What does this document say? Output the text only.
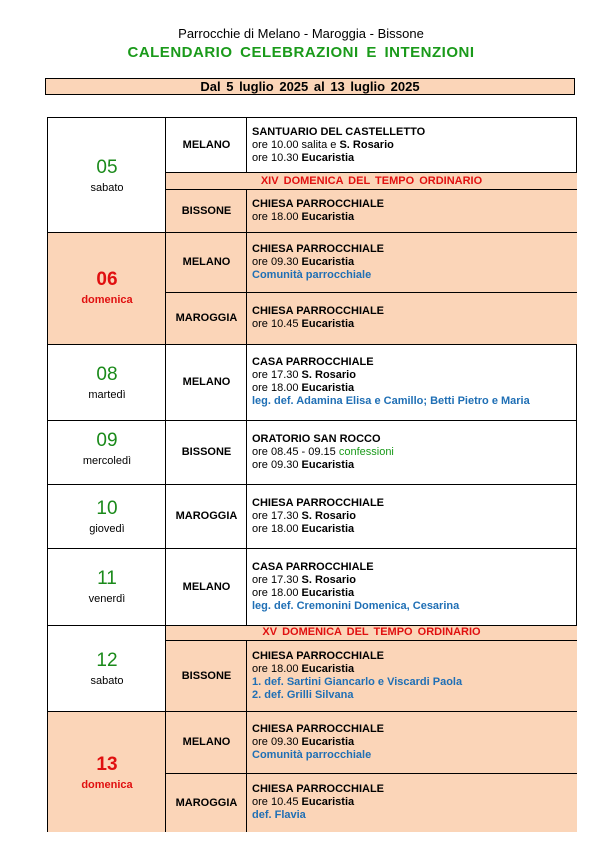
Parrocchie di Melano - Maroggia - Bissone
CALENDARIO CELEBRAZIONI E INTENZIONI
Dal 5 luglio 2025 al 13 luglio 2025
05
sabato
06
domenica
08
martedì
09
mercoledì
10
giovedì
11
venerdì
12
sabato
13
domenica
XIV DOMENICA DEL TEMPO ORDINARIO
XV DOMENICA DEL TEMPO ORDINARIO
MELANO
BISSONE
MELANO
MAROGGIA
MELANO
BISSONE
MAROGGIA
MELANO
BISSONE
MELANO
MAROGGIA
SANTUARIO DEL CASTELLETTO
ore 10.00 salita e S. Rosario
ore 10.30 Eucaristia
CHIESA PARROCCHIALE
ore 18.00 Eucaristia
CHIESA PARROCCHIALE
ore 09.30 Eucaristia
Comunità parrocchiale
CHIESA PARROCCHIALE
ore 10.45 Eucaristia
CASA PARROCCHIALE
ore 17.30 S. Rosario
ore 18.00 Eucaristia
leg. def. Adamina Elisa e Camillo; Betti Pietro e Maria
ORATORIO SAN ROCCO
ore 08.45 - 09.15 confessioni
ore 09.30 Eucaristia
CHIESA PARROCCHIALE
ore 17.30 S. Rosario
ore 18.00 Eucaristia
CASA PARROCCHIALE
ore 17.30 S. Rosario
ore 18.00 Eucaristia
leg. def. Cremonini Domenica, Cesarina
CHIESA PARROCCHIALE
ore 18.00 Eucaristia
1. def. Sartini Giancarlo e Viscardi Paola
2. def. Grilli Silvana
CHIESA PARROCCHIALE
ore 09.30 Eucaristia
Comunità parrocchiale
CHIESA PARROCCHIALE
ore 10.45 Eucaristia
def. Flavia
